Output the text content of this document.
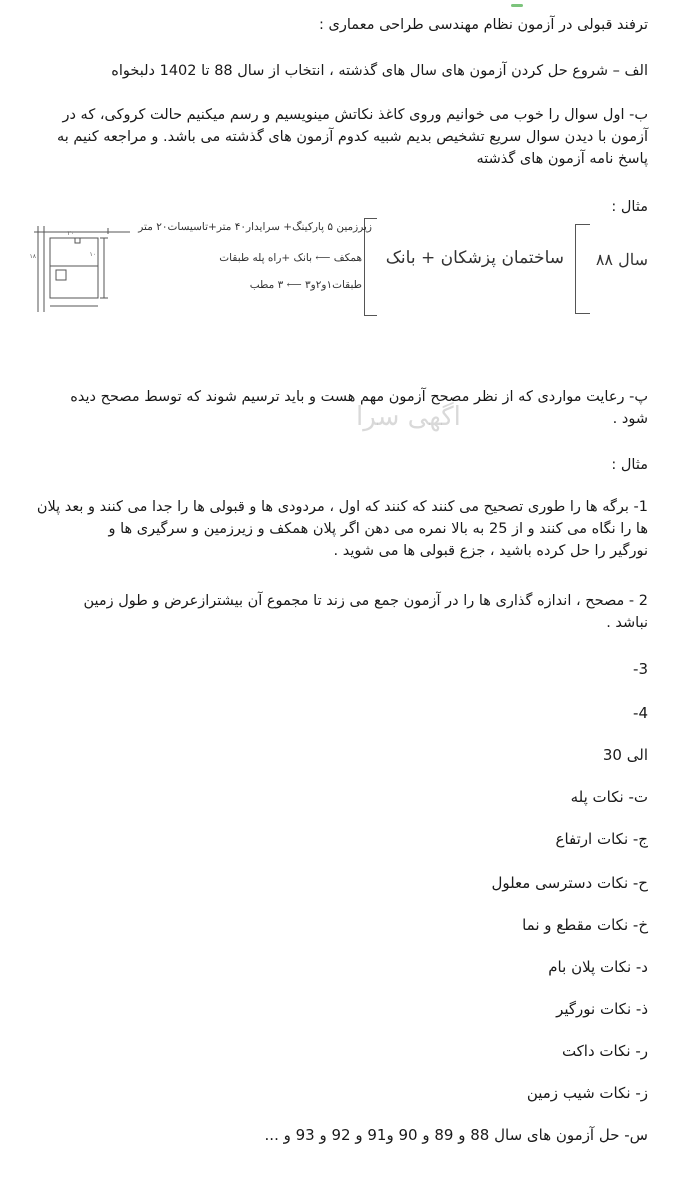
ترفند قبولی در آزمون نظام مهندسی طراحی معماری :
الف – شروع حل کردن آزمون های سال های گذشته ، انتخاب از سال 88 تا 1402 دلبخواه
ب- اول سوال را خوب می خوانیم وروی کاغذ نکاتش مینویسیم و رسم میکنیم حالت کروکی، که در
آزمون با دیدن سوال سریع تشخیص بدیم شبیه کدوم آزمون های گذشته می باشد. و مراجعه کنیم به
پاسخ نامه آزمون های گذشته
مثال :
سال ۸۸
ساختمان پزشکان + بانک
زیرزمین ۵ پارکینگ+ سرایدار۴۰ متر+تاسیسات۲۰ متر
همکف ⟵ بانک +راه پله طبقات
طبقات۱و۲و۳ ⟵ ۳ مطب
۲۰
۱۸	۱۰
پ- رعایت مواردی که از نظر مصحح آزمون مهم هست و باید ترسیم شوند که توسط مصحح دیده
شود .
اگهی سرا
مثال :
1- برگه ها را طوری تصحیح می کنند که کنند که اول ، مردودی ها و قبولی ها را جدا می کنند و بعد پلان
ها را نگاه می کنند و از 25 به بالا نمره می دهن اگر پلان همکف و زیرزمین و سرگیری ها و
نورگیر را حل کرده باشید ، جزع قبولی ها می شوید .
2 - مصحح ، اندازه گذاری ها را در آزمون جمع می زند تا مجموع آن بیشترازعرض و طول زمین
نباشد .
3-
4-
الی 30
ت- نکات پله
ج- نکات ارتفاع
ح- نکات دسترسی معلول
خ- نکات مقطع و نما
د- نکات پلان بام
ذ- نکات نورگیر
ر- نکات داکت
ز- نکات شیب زمین
س- حل آزمون های سال 88 و 89 و 90 و91 و 92 و 93 و ...
